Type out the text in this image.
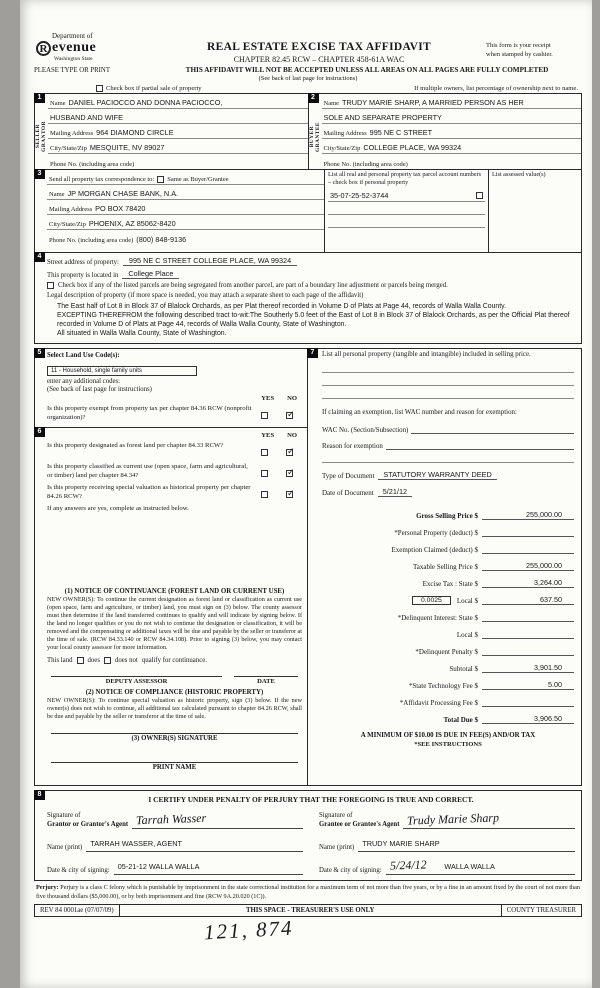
Department of
R evenue
Washington State
REAL ESTATE EXCISE TAX AFFIDAVIT
CHAPTER 82.45 RCW – CHAPTER 458-61A WAC
This form is your receipt
when stamped by cashier.
PLEASE TYPE OR PRINT	THIS AFFIDAVIT WILL NOT BE ACCEPTED UNLESS ALL AREAS ON ALL PAGES ARE FULLY COMPLETED
(See back of last page for instructions)
Check box if partial sale of property	If multiple owners, list percentage of ownership next to name.
1
SELLER GRANTOR
Name DANIEL PACIOCCO AND DONNA PACIOCCO,
HUSBAND AND WIFE
Mailing Address 964 DIAMOND CIRCLE
City/State/Zip MESQUITE, NV 89027
Phone No. (including area code)
2
BUYER GRANTEE
Name TRUDY MARIE SHARP, A MARRIED PERSON AS HER
SOLE AND SEPARATE PROPERTY
Mailing Address 995 NE C STREET
City/State/Zip COLLEGE PLACE, WA 99324
Phone No. (including area code)
3
Send all property tax correspondence to: Same as Buyer/Grantee
Name JP MORGAN CHASE BANK, N.A.
Mailing Address PO BOX 78420
City/State/Zip PHOENIX, AZ 85062-8420
Phone No. (including area code) (800) 848-9136
List all real and personal property tax parcel account numbers – check box if personal property
35-07-25-52-3744
List assessed value(s)
4
Street address of property:	995 NE C STREET COLLEGE PLACE, WA 99324
This property is located in	College Place
Check box if any of the listed parcels are being segregated from another parcel, are part of a boundary line adjustment or parcels being merged.
Legal description of property (if more space is needed, you may attach a separate sheet to each page of the affidavit)
The East half of Lot 8 in Block 37 of Blalock Orchards, as per Plat thereof recorded in Volume D of Plats at Page 44, records of Walla Walla County.
EXCEPTING THEREFROM the following described tract to-wit:The Southerly 5.0 feet of the East of Lot 8 in Block 37 of Blalock Orchards, as per the Official Plat thereof recorded in Volume D of Plats at Page 44, records of Walla Walla County, State of Washington.
All situated in Walla Walla County, State of Washington.
5 Select Land Use Code(s):
11 - Household, single family units
enter any additional codes:
(See back of last page for instructions)
YES NO
Is this property exempt from property tax per chapter 84.36 RCW (nonprofit organization)?
✓
6
YES NO
Is this property designated as forest land per chapter 84.33 RCW?
✓
Is this property classified as current use (open space, farm and agricultural, or timber) land per chapter 84.34?
✓
Is this property receiving special valuation as historical property per chapter 84.26 RCW?
✓
If any answers are yes, complete as instructed below.
(1) NOTICE OF CONTINUANCE (FOREST LAND OR CURRENT USE)
NEW OWNER(S): To continue the current designation as forest land or classification as current use (open space, farm and agriculture, or timber) land, you must sign on (3) below. The county assessor must then determine if the land transferred continues to qualify and will indicate by signing below. If the land no longer qualifies or you do not wish to continue the designation or classification, it will be removed and the compensating or additional taxes will be due and payable by the seller or transferor at the time of sale. (RCW 84.33.140 or RCW 84.34.108). Prior to signing (3) below, you may contact your local county assessor for more information.
This land does does not qualify for continuance.
DEPUTY ASSESSOR	DATE
(2) NOTICE OF COMPLIANCE (HISTORIC PROPERTY)
NEW OWNER(S): To continue special valuation as historic property, sign (3) below. If the new owner(s) does not wish to continue, all additional tax calculated pursuant to chapter 84.26 RCW, shall be due and payable by the seller or transferor at the time of sale.
(3) OWNER(S) SIGNATURE
PRINT NAME
7	List all personal property (tangible and intangible) included in selling price.
If claiming an exemption, list WAC number and reason for exemption:
WAC No. (Section/Subsection)
Reason for exemption
Type of Document	STATUTORY WARRANTY DEED
Date of Document	5/21/12
Gross Selling Price $	255,000.00
*Personal Property (deduct) $
Exemption Claimed (deduct) $
Taxable Selling Price $	255,000.00
Excise Tax : State $	3,264.00
0.0025	Local $	637.50
*Delinquent Interest: State $
Local $
*Delinquent Penalty $
Subtotal $	3,901.50
*State Technology Fee $	5.00
*Affidavit Processing Fee $
Total Due $	3,906.50
A MINIMUM OF $10.00 IS DUE IN FEE(S) AND/OR TAX
*SEE INSTRUCTIONS
8
I CERTIFY UNDER PENALTY OF PERJURY THAT THE FOREGOING IS TRUE AND CORRECT.
Signature of
Grantor or Grantor's Agent Tarrah Wasser
Name (print)	TARRAH WASSER, AGENT
Date & city of signing:	05-21-12 WALLA WALLA
Signature of
Grantee or Grantee's Agent Trudy Marie Sharp
Name (print)	TRUDY MARIE SHARP
Date & city of signing: 5/24/12 WALLA WALLA
Perjury: Perjury is a class C felony which is punishable by imprisonment in the state correctional institution for a maximum term of not more than five years, or by a fine in an amount fixed by the court of not more than five thousand dollars ($5,000.00), or by both imprisonment and fine (RCW 9A.20.020 (1C)).
REV 84 0001ae (07/07/09)	THIS SPACE - TREASURER'S USE ONLY	COUNTY TREASURER
121, 874
